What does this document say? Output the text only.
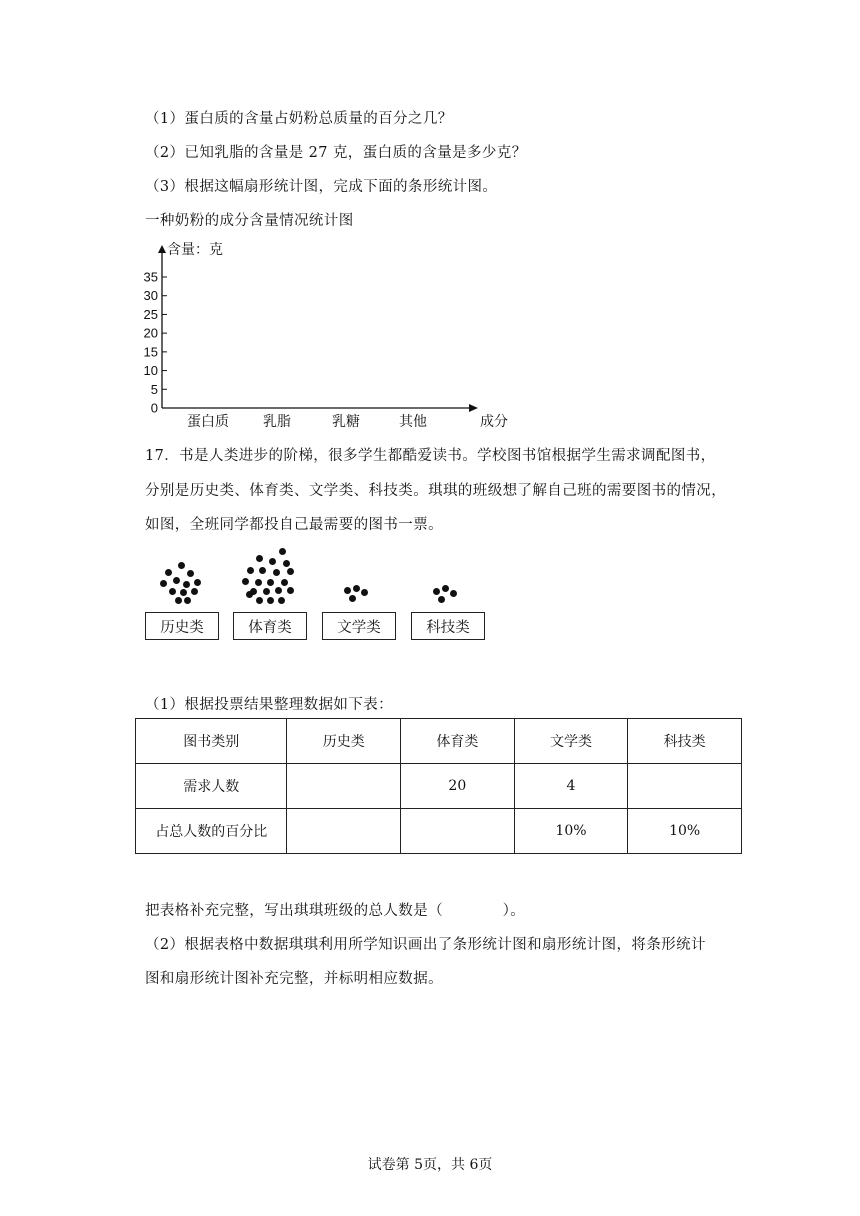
（1）蛋白质的含量占奶粉总质量的百分之几？
（2）已知乳脂的含量是 27 克，蛋白质的含量是多少克？
（3）根据这幅扇形统计图，完成下面的条形统计图。
一种奶粉的成分含量情况统计图
含量：克
成分
0
5
10
15
20
25
30
35
蛋白质 乳脂	乳糖	其他
17．书是人类进步的阶梯，很多学生都酷爱读书。学校图书馆根据学生需求调配图书，
分别是历史类、体育类、文学类、科技类。琪琪的班级想了解自己班的需要图书的情况，
如图，全班同学都投自己最需要的图书一票。
历史类	体育类	文学类	科技类
（1）根据投票结果整理数据如下表：
图书类别	历史类	体育类	文学类	科技类
需求人数		20	4	
占总人数的百分比			10%	10%
把表格补充完整，写出琪琪班级的总人数是（　　　　）。
（2）根据表格中数据琪琪利用所学知识画出了条形统计图和扇形统计图，将条形统计
图和扇形统计图补充完整，并标明相应数据。
试卷第 5页，共 6页
